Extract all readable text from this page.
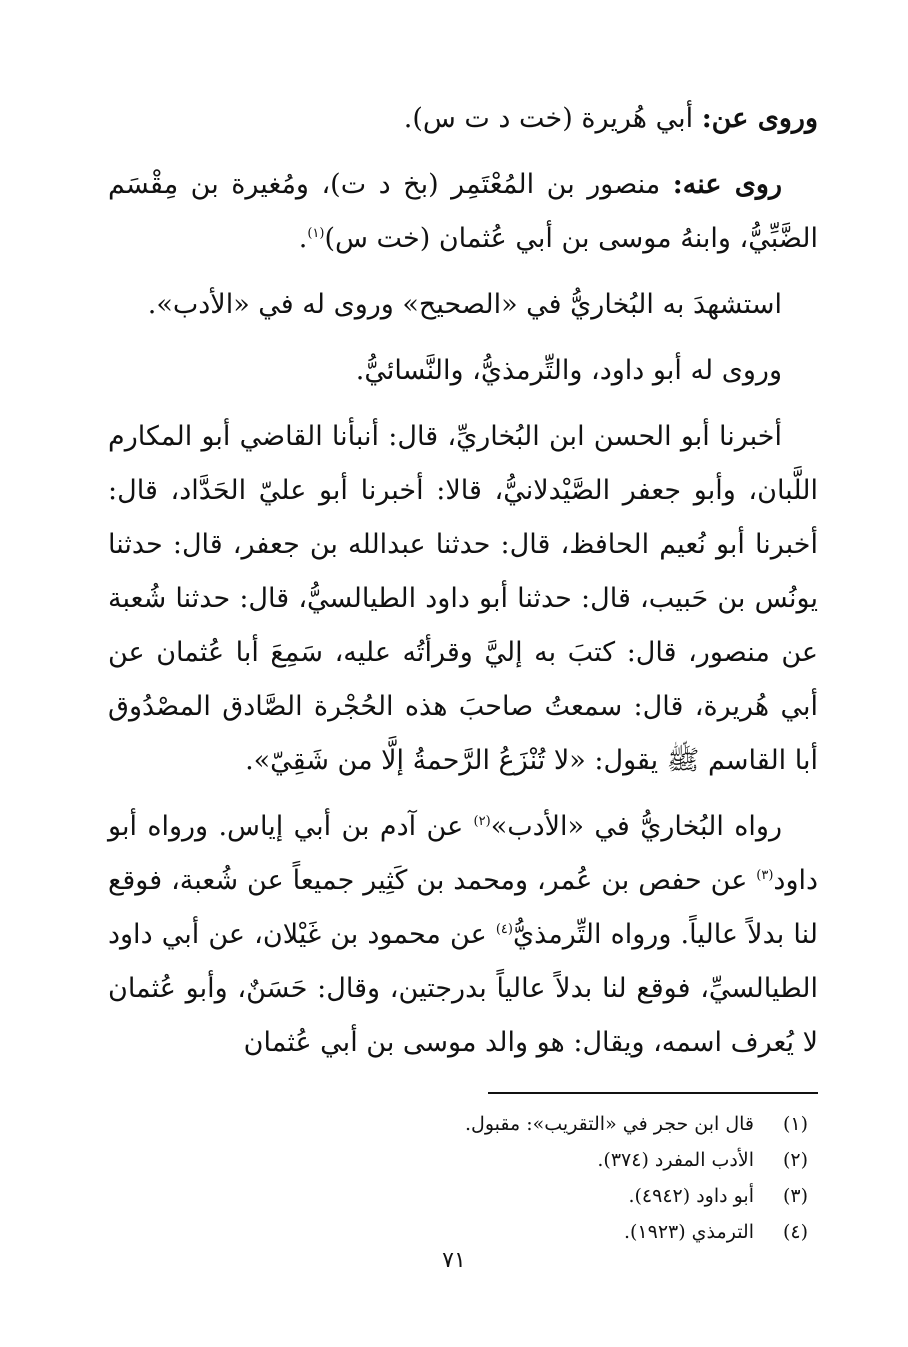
وروى عن: أبي هُريرة (خت د ت س).

روى عنه: منصور بن المُعْتَمِر (بخ د ت)، ومُغيرة بن مِقْسَم الضَّبِّيُّ، وابنهُ موسى بن أبي عُثمان (خت س)$^{(١)}$.

استشهدَ به البُخاريُّ في «الصحيح» وروى له في «الأدب».

وروى له أبو داود، والتِّرمذيُّ، والنَّسائيُّ.

أخبرنا أبو الحسن ابن البُخاريِّ، قال: أنبأنا القاضي أبو المكارم اللَّبان، وأبو جعفر الصَّيْدلانيُّ، قالا: أخبرنا أبو عليّ الحَدَّاد، قال: أخبرنا أبو نُعيم الحافظ، قال: حدثنا عبدالله بن جعفر، قال: حدثنا يونُس بن حَبيب، قال: حدثنا أبو داود الطيالسيُّ، قال: حدثنا شُعبة عن منصور، قال: كتبَ به إليَّ وقرأتُه عليه، سَمِعَ أبا عُثمان عن أبي هُريرة، قال: سمعتُ صاحبَ هذه الحُجْرة الصَّادق المصْدُوق أبا القاسم ﷺ يقول: «لا تُنْزَعُ الرَّحمةُ إلَّا من شَقِيّ».

رواه البُخاريُّ في «الأدب»$^{(٢)}$ عن آدم بن أبي إياس. ورواه أبو داود$^{(٣)}$ عن حفص بن عُمر، ومحمد بن كَثِير جميعاً عن شُعبة، فوقع لنا بدلاً عالياً. ورواه التِّرمذيُّ$^{(٤)}$ عن محمود بن غَيْلان، عن أبي داود الطيالسيِّ، فوقع لنا بدلاً عالياً بدرجتين، وقال: حَسَنٌ، وأبو عُثمان لا يُعرف اسمه، ويقال: هو والد موسى بن أبي عُثمان

(١)
قال ابن حجر في «التقريب»: مقبول.
(٢)
الأدب المفرد (٣٧٤).
(٣)
أبو داود (٤٩٤٢).
(٤)
الترمذي (١٩٢٣).
٧١
